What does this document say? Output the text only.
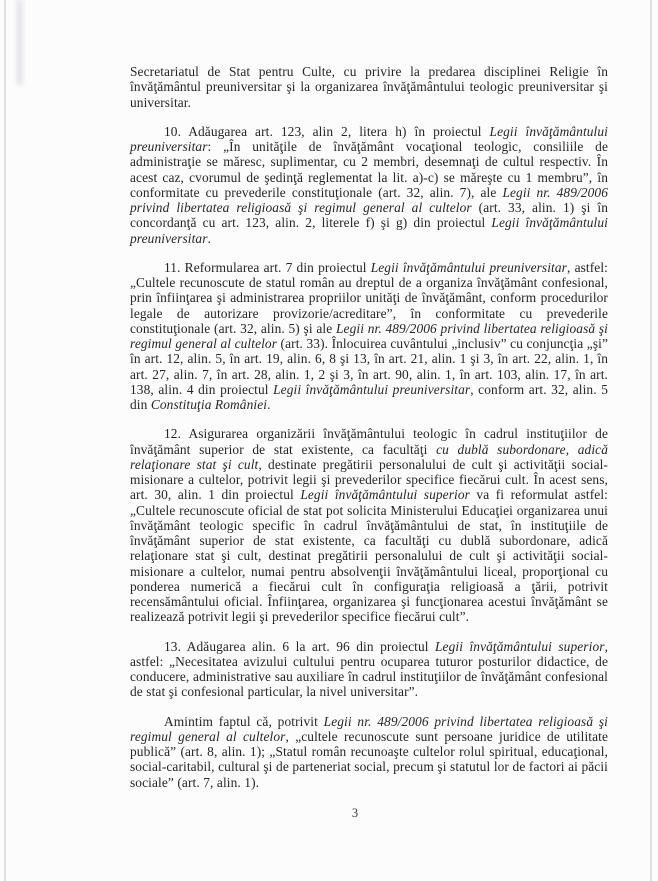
Secretariatul de Stat pentru Culte, cu privire la predarea disciplinei Religie în învăţământul preuniversitar şi la organizarea învăţământului teologic preuniversitar şi universitar.

10. Adăugarea art. 123, alin 2, litera h) în proiectul Legii învăţământului preuniversitar: „În unităţile de învăţământ vocaţional teologic, consiliile de administraţie se măresc, suplimentar, cu 2 membri, desemnaţi de cultul respectiv. În acest caz, cvorumul de şedinţă reglementat la lit. a)-c) se măreşte cu 1 membru”, în conformitate cu prevederile constituţionale (art. 32, alin. 7), ale Legii nr. 489/2006 privind libertatea religioasă şi regimul general al cultelor (art. 33, alin. 1) şi în concordanţă cu art. 123, alin. 2, literele f) şi g) din proiectul Legii învăţământului preuniversitar.

11. Reformularea art. 7 din proiectul Legii învăţământului preuniversitar, astfel: „Cultele recunoscute de statul român au dreptul de a organiza învăţământ confesional, prin înfiinţarea şi administrarea propriilor unităţi de învăţământ, conform procedurilor legale de autorizare provizorie/acreditare”, în conformitate cu prevederile constituţionale (art. 32, alin. 5) şi ale Legii nr. 489/2006 privind libertatea religioasă şi regimul general al cultelor (art. 33). Înlocuirea cuvântului „inclusiv” cu conjuncţia „şi” în art. 12, alin. 5, în art. 19, alin. 6, 8 şi 13, în art. 21, alin. 1 şi 3, în art. 22, alin. 1, în art. 27, alin. 7, în art. 28, alin. 1, 2 şi 3, în art. 90, alin. 1, în art. 103, alin. 17, în art. 138, alin. 4 din proiectul Legii învăţământului preuniversitar, conform art. 32, alin. 5 din Constituţia României.

12. Asigurarea organizării învăţământului teologic în cadrul instituţiilor de învăţământ superior de stat existente, ca facultăţi cu dublă subordonare, adică relaţionare stat şi cult, destinate pregătirii personalului de cult şi activităţii social-misionare a cultelor, potrivit legii şi prevederilor specifice fiecărui cult. În acest sens, art. 30, alin. 1 din proiectul Legii învăţământului superior va fi reformulat astfel: „Cultele recunoscute oficial de stat pot solicita Ministerului Educaţiei organizarea unui învăţământ teologic specific în cadrul învăţământului de stat, în instituţiile de învăţământ superior de stat existente, ca facultăţi cu dublă subordonare, adică relaţionare stat şi cult, destinat pregătirii personalului de cult şi activităţii social-misionare a cultelor, numai pentru absolvenţii învăţământului liceal, proporţional cu ponderea numerică a fiecărui cult în configuraţia religioasă a ţării, potrivit recensământului oficial. Înfiinţarea, organizarea şi funcţionarea acestui învăţământ se realizează potrivit legii şi prevederilor specifice fiecărui cult”.

13. Adăugarea alin. 6 la art. 96 din proiectul Legii învăţământului superior, astfel: „Necesitatea avizului cultului pentru ocuparea tuturor posturilor didactice, de conducere, administrative sau auxiliare în cadrul instituţiilor de învăţământ confesional de stat şi confesional particular, la nivel universitar”.

Amintim faptul că, potrivit Legii nr. 489/2006 privind libertatea religioasă şi regimul general al cultelor, „cultele recunoscute sunt persoane juridice de utilitate publică” (art. 8, alin. 1); „Statul român recunoaşte cultelor rolul spiritual, educaţional, social-caritabil, cultural şi de parteneriat social, precum şi statutul lor de factori ai păcii sociale” (art. 7, alin. 1).

3
